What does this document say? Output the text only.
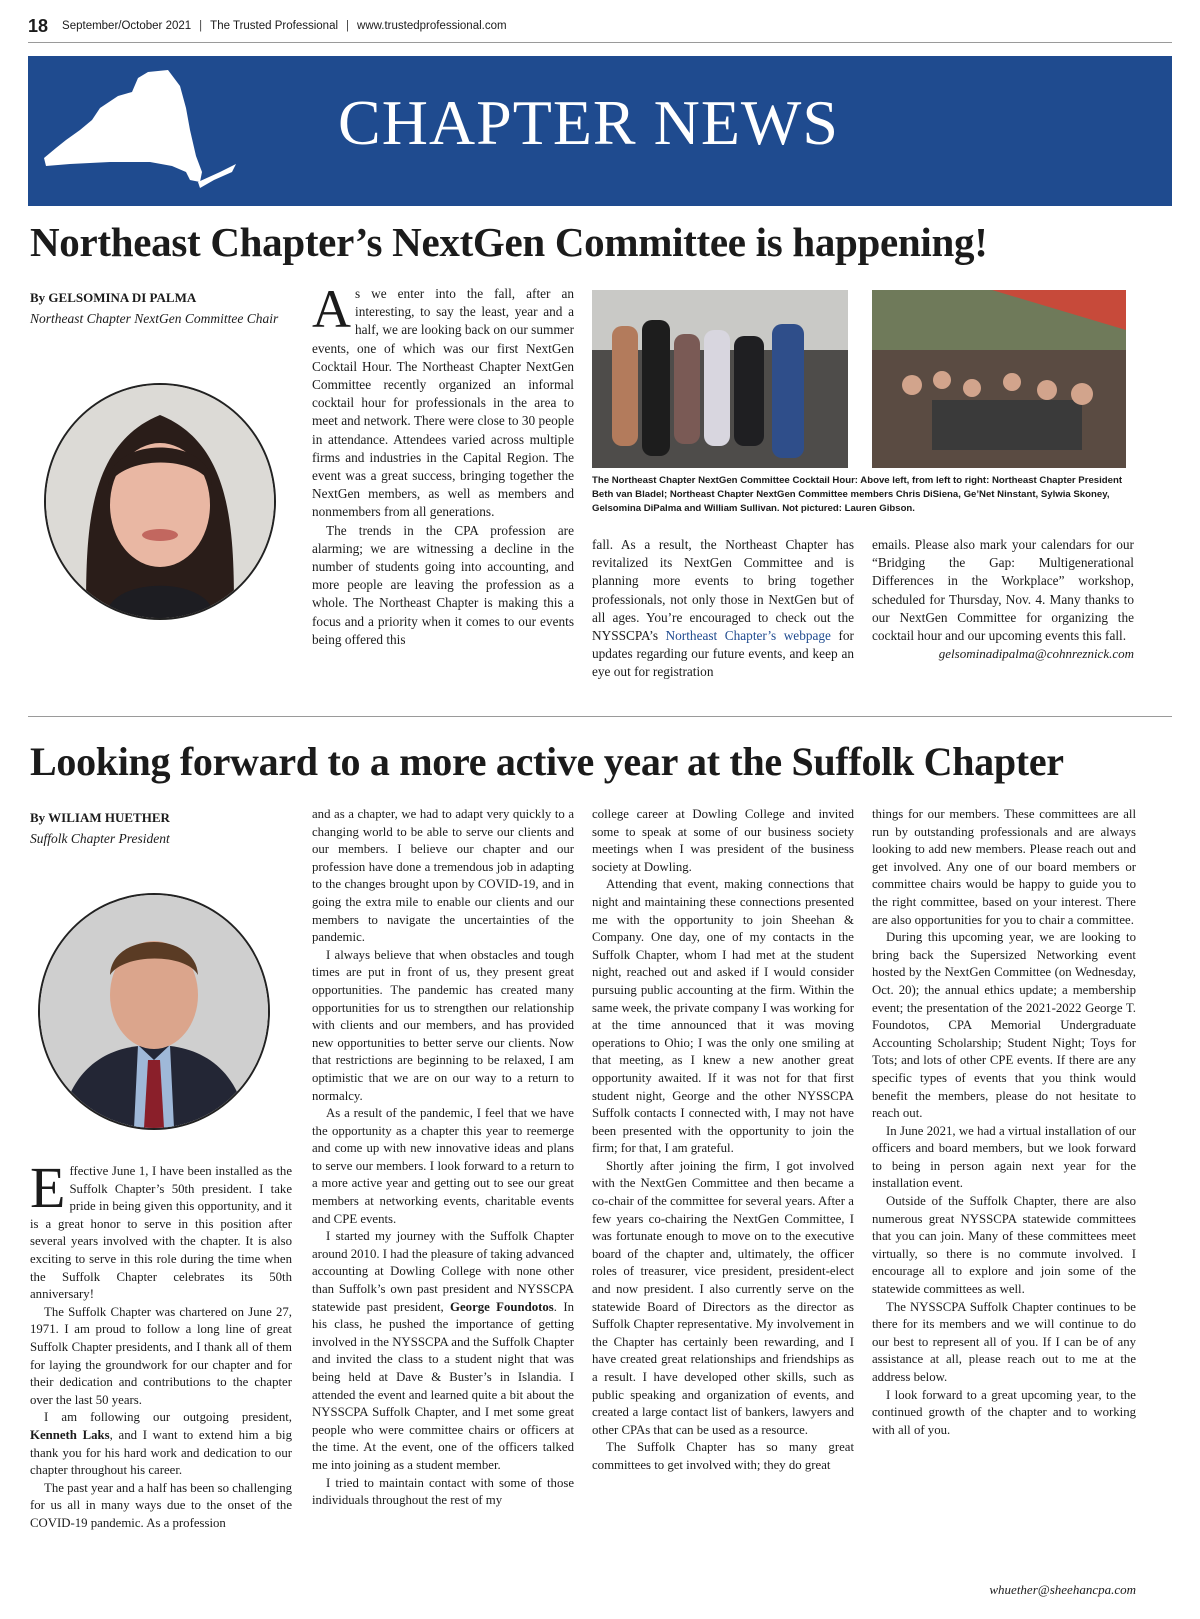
18 September/October 2021 | The Trusted Professional | www.trustedprofessional.com
CHAPTER NEWS
Northeast Chapter’s NextGen Committee is happening!
By GELSOMINA DI PALMA
Northeast Chapter NextGen Committee Chair As we enter into the fall, after an interesting, to say the least, year and a half, we are looking back on our summer events, one of which was our first NextGen Cocktail Hour. The Northeast Chapter NextGen Committee recently organized an informal cocktail hour for professionals in the area to meet and network. There were close to 30 people in attendance. Attendees varied across multiple firms and industries in the Capital Region. The event was a great success, bringing together the NextGen members, as well as members and nonmembers from all generations.

The trends in the CPA profession are alarming; we are witnessing a decline in the number of students going into accounting, and more people are leaving the profession as a whole. The Northeast Chapter is making this a focus and a priority when it comes to our events being offered this

The Northeast Chapter NextGen Committee Cocktail Hour: Above left, from left to right: Northeast Chapter President Beth van Bladel; Northeast Chapter NextGen Committee members Chris DiSiena, Ge’Net Ninstant, Sylwia Skoney, Gelsomina DiPalma and William Sullivan. Not pictured: Lauren Gibson.

fall. As a result, the Northeast Chapter has revitalized its NextGen Committee and is planning more events to bring together professionals, not only those in NextGen but of all ages. You’re encouraged to check out the NYSSCPA’s Northeast Chapter’s webpage for updates regarding our future events, and keep an eye out for registration

emails. Please also mark your calendars for our “Bridging the Gap: Multigenerational Differences in the Workplace” workshop, scheduled for Thursday, Nov. 4. Many thanks to our NextGen Committee for organizing the cocktail hour and our upcoming events this fall.

gelsominadipalma@cohnreznick.com
Looking forward to a more active year at the Suffolk Chapter
By WILIAM HUETHER
Suffolk Chapter President

Effective June 1, I have been installed as the Suffolk Chapter’s 50th president. I take pride in being given this opportunity, and it is a great honor to serve in this position after several years involved with the chapter. It is also exciting to serve in this role during the time when the Suffolk Chapter celebrates its 50th anniversary!

The Suffolk Chapter was chartered on June 27, 1971. I am proud to follow a long line of great Suffolk Chapter presidents, and I thank all of them for laying the groundwork for our chapter and for their dedication and contributions to the chapter over the last 50 years.

I am following our outgoing president, Kenneth Laks, and I want to extend him a big thank you for his hard work and dedication to our chapter throughout his career.

The past year and a half has been so challenging for us all in many ways due to the onset of the COVID-19 pandemic. As a profession

and as a chapter, we had to adapt very quickly to a changing world to be able to serve our clients and our members. I believe our chapter and our profession have done a tremendous job in adapting to the changes brought upon by COVID-19, and in going the extra mile to enable our clients and our members to navigate the uncertainties of the pandemic.

I always believe that when obstacles and tough times are put in front of us, they present great opportunities. The pandemic has created many opportunities for us to strengthen our relationship with clients and our members, and has provided new opportunities to better serve our clients. Now that restrictions are beginning to be relaxed, I am optimistic that we are on our way to a return to normalcy.

As a result of the pandemic, I feel that we have the opportunity as a chapter this year to reemerge and come up with new innovative ideas and plans to serve our members. I look forward to a return to a more active year and getting out to see our great members at networking events, charitable events and CPE events.

I started my journey with the Suffolk Chapter around 2010. I had the pleasure of taking advanced accounting at Dowling College with none other than Suffolk’s own past president and NYSSCPA statewide past president, George Foundotos. In his class, he pushed the importance of getting involved in the NYSSCPA and the Suffolk Chapter and invited the class to a student night that was being held at Dave & Buster’s in Islandia. I attended the event and learned quite a bit about the NYSSCPA Suffolk Chapter, and I met some great people who were committee chairs or officers at the time. At the event, one of the officers talked me into joining as a student member.

I tried to maintain contact with some of those individuals throughout the rest of my

college career at Dowling College and invited some to speak at some of our business society meetings when I was president of the business society at Dowling.

Attending that event, making connections that night and maintaining these connections presented me with the opportunity to join Sheehan & Company. One day, one of my contacts in the Suffolk Chapter, whom I had met at the student night, reached out and asked if I would consider pursuing public accounting at the firm. Within the same week, the private company I was working for at the time announced that it was moving operations to Ohio; I was the only one smiling at that meeting, as I knew a new another great opportunity awaited. If it was not for that first student night, George and the other NYSSCPA Suffolk contacts I connected with, I may not have been presented with the opportunity to join the firm; for that, I am grateful.

Shortly after joining the firm, I got involved with the NextGen Committee and then became a co-chair of the committee for several years. After a few years co-chairing the NextGen Committee, I was fortunate enough to move on to the executive board of the chapter and, ultimately, the officer roles of treasurer, vice president, president-elect and now president. I also currently serve on the statewide Board of Directors as the director as Suffolk Chapter representative. My involvement in the Chapter has certainly been rewarding, and I have created great relationships and friendships as a result. I have developed other skills, such as public speaking and organization of events, and created a large contact list of bankers, lawyers and other CPAs that can be used as a resource.

The Suffolk Chapter has so many great committees to get involved with; they do great

things for our members. These committees are all run by outstanding professionals and are always looking to add new members. Please reach out and get involved. Any one of our board members or committee chairs would be happy to guide you to the right committee, based on your interest. There are also opportunities for you to chair a committee.

During this upcoming year, we are looking to bring back the Supersized Networking event hosted by the NextGen Committee (on Wednesday, Oct. 20); the annual ethics update; a membership event; the presentation of the 2021-2022 George T. Foundotos, CPA Memorial Undergraduate Accounting Scholarship; Student Night; Toys for Tots; and lots of other CPE events. If there are any specific types of events that you think would benefit the members, please do not hesitate to reach out.

In June 2021, we had a virtual installation of our officers and board members, but we look forward to being in person again next year for the installation event.

Outside of the Suffolk Chapter, there are also numerous great NYSSCPA statewide committees that you can join. Many of these committees meet virtually, so there is no commute involved. I encourage all to explore and join some of the statewide committees as well.

The NYSSCPA Suffolk Chapter continues to be there for its members and we will continue to do our best to represent all of you. If I can be of any assistance at all, please reach out to me at the address below.

I look forward to a great upcoming year, to the continued growth of the chapter and to working with all of you.

whuether@sheehancpa.com
